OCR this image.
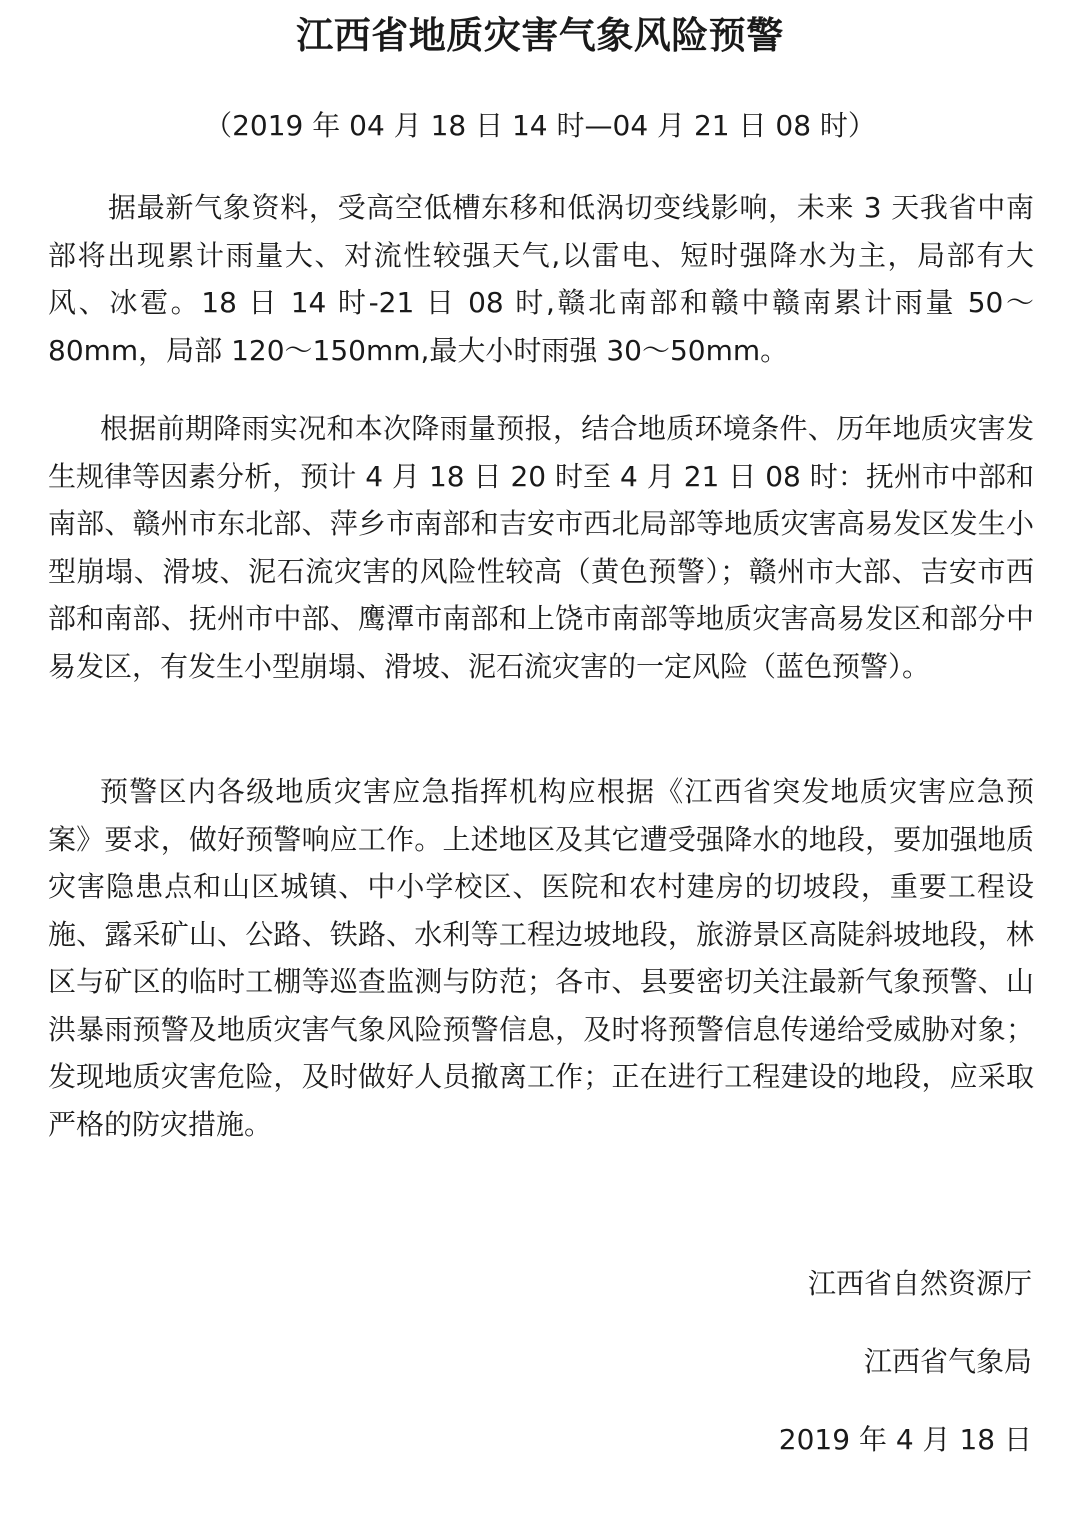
江西省地质灾害气象风险预警
（2019 年 04 月 18 日 14 时—04 月 21 日 08 时）

据最新气象资料，受高空低槽东移和低涡切变线影响，未来 3 天我省中南部将出现累计雨量大、对流性较强天气,以雷电、短时强降水为主，局部有大风、冰雹。18 日 14 时-21 日 08 时,赣北南部和赣中赣南累计雨量 50～80mm，局部 120～150mm,最大小时雨强 30～50mm。

根据前期降雨实况和本次降雨量预报，结合地质环境条件、历年地质灾害发生规律等因素分析，预计 4 月 18 日 20 时至 4 月 21 日 08 时：抚州市中部和南部、赣州市东北部、萍乡市南部和吉安市西北局部等地质灾害高易发区发生小型崩塌、滑坡、泥石流灾害的风险性较高（黄色预警）；赣州市大部、吉安市西部和南部、抚州市中部、鹰潭市南部和上饶市南部等地质灾害高易发区和部分中易发区，有发生小型崩塌、滑坡、泥石流灾害的一定风险（蓝色预警）。

预警区内各级地质灾害应急指挥机构应根据《江西省突发地质灾害应急预案》要求，做好预警响应工作。上述地区及其它遭受强降水的地段，要加强地质灾害隐患点和山区城镇、中小学校区、医院和农村建房的切坡段，重要工程设施、露采矿山、公路、铁路、水利等工程边坡地段，旅游景区高陡斜坡地段，林区与矿区的临时工棚等巡查监测与防范；各市、县要密切关注最新气象预警、山洪暴雨预警及地质灾害气象风险预警信息，及时将预警信息传递给受威胁对象；发现地质灾害危险，及时做好人员撤离工作；正在进行工程建设的地段，应采取严格的防灾措施。

江西省自然资源厅
江西省气象局
2019 年 4 月 18 日
